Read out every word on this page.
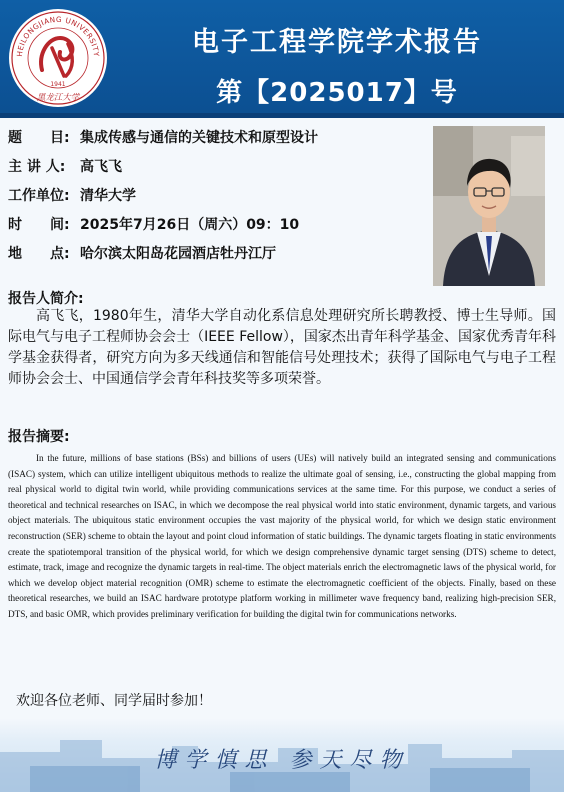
HEILONGJIANG UNIVERSITY
1941
黑龙江大学
电子工程学院学术报告
第【2025017】号
题　　目: 集成传感与通信的关键技术和原型设计
主 讲 人:	高飞飞
工作单位: 清华大学
时　　间: 2025年7月26日（周六）09：10
地　　点: 哈尔滨太阳岛花园酒店牡丹江厅
报告人简介:
高飞飞，1980年生，清华大学自动化系信息处理研究所长聘教授、博士生导师。国际电气与电子工程师协会会士（IEEE Fellow），国家杰出青年科学基金、国家优秀青年科学基金获得者，研究方向为多天线通信和智能信号处理技术；获得了国际电气与电子工程师协会会士、中国通信学会青年科技奖等多项荣誉。
报告摘要:
In the future, millions of base stations (BSs) and billions of users (UEs) will natively build an integrated sensing and communications (ISAC) system, which can utilize intelligent ubiquitous methods to realize the ultimate goal of sensing, i.e., constructing the global mapping from real physical world to digital twin world, while providing communications services at the same time. For this purpose, we conduct a series of theoretical and technical researches on ISAC, in which we decompose the real physical world into static environment, dynamic targets, and various object materials. The ubiquitous static environment occupies the vast majority of the physical world, for which we design static environment reconstruction (SER) scheme to obtain the layout and point cloud information of static buildings. The dynamic targets floating in static environments create the spatiotemporal transition of the physical world, for which we design comprehensive dynamic target sensing (DTS) scheme to detect, estimate, track, image and recognize the dynamic targets in real-time. The object materials enrich the electromagnetic laws of the physical world, for which we develop object material recognition (OMR) scheme to estimate the electromagnetic coefficient of the objects. Finally, based on these theoretical researches, we build an ISAC hardware prototype platform working in millimeter wave frequency band, realizing high-precision SER, DTS, and basic OMR, which provides preliminary verification for building the digital twin for communications networks.
欢迎各位老师、同学届时参加！
博学慎思 参天尽物
